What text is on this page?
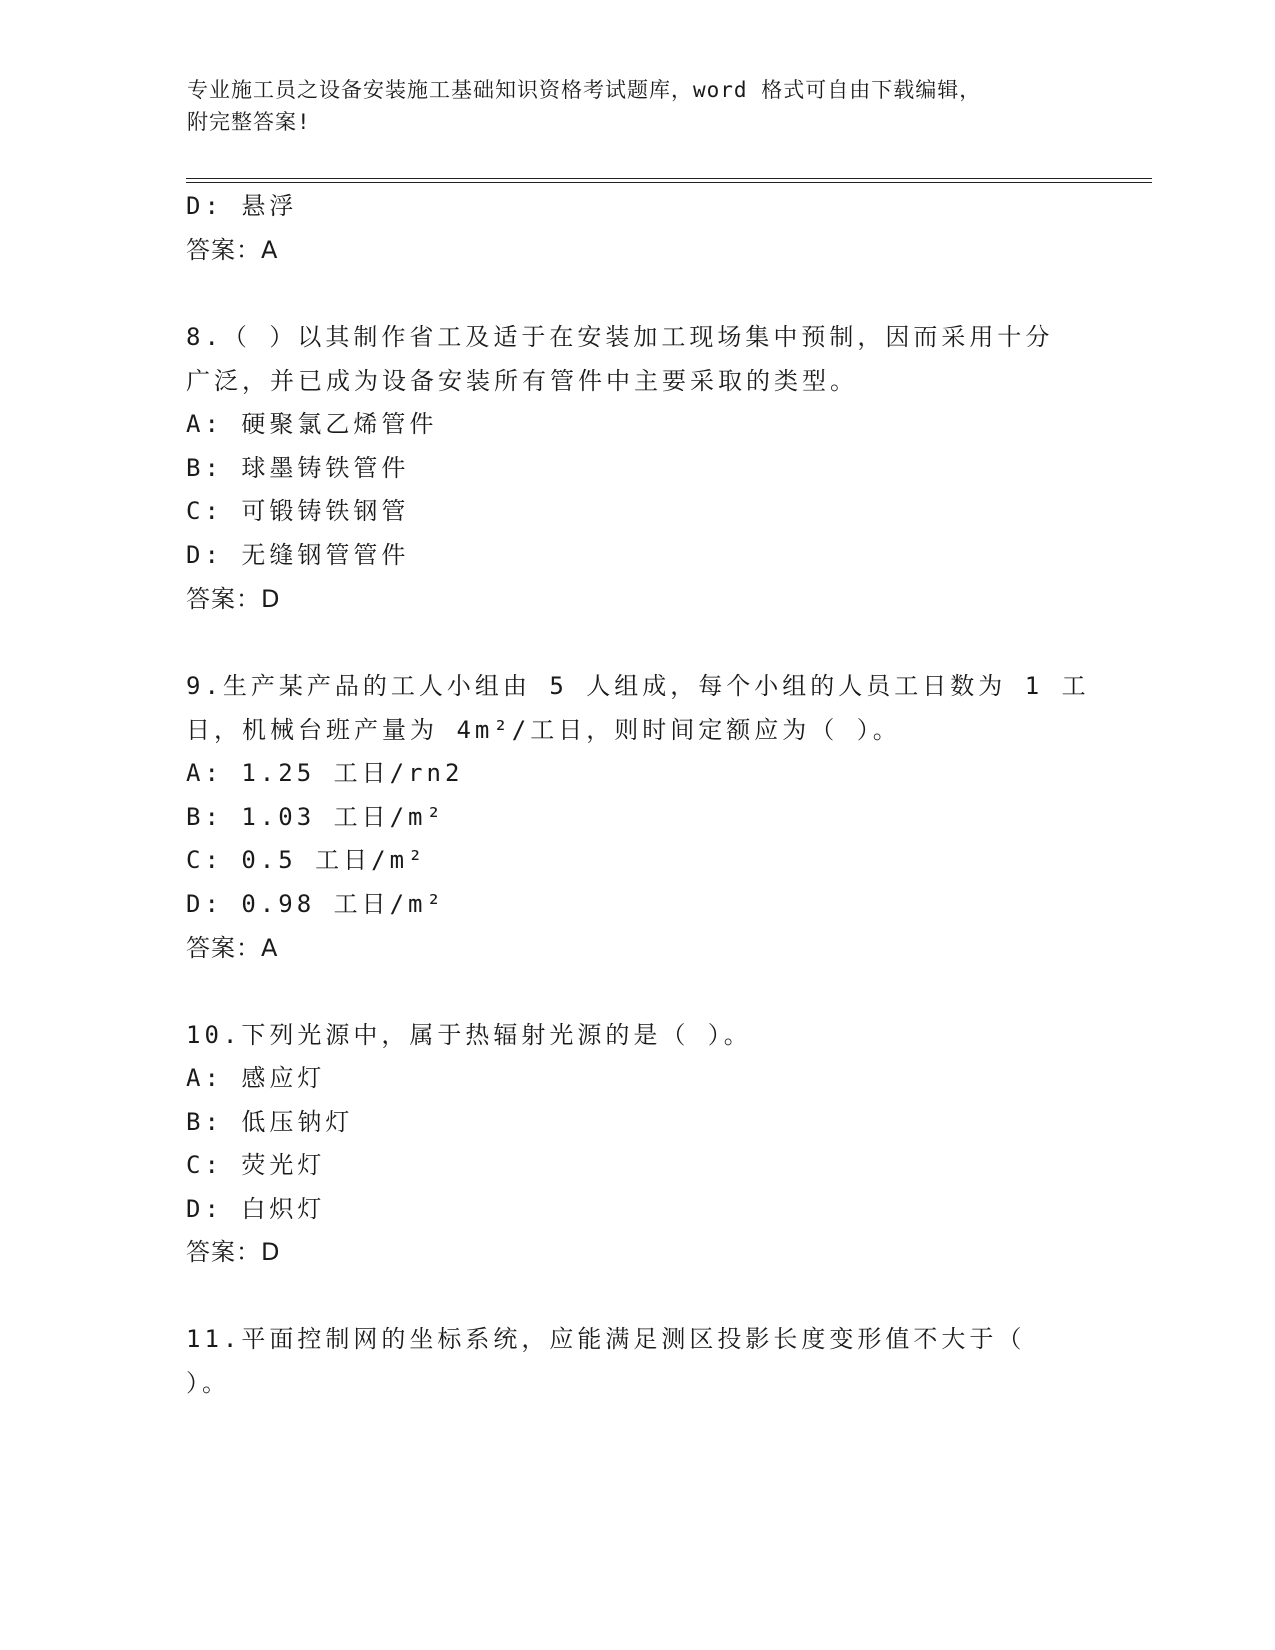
专业施工员之设备安装施工基础知识资格考试题库，word 格式可自由下载编辑，
附完整答案!
D: 悬浮
答案：A
8.（ ）以其制作省工及适于在安装加工现场集中预制，因而采用十分
广泛，并已成为设备安装所有管件中主要采取的类型。
A: 硬聚氯乙烯管件
B: 球墨铸铁管件
C: 可锻铸铁钢管
D: 无缝钢管管件
答案：D
9.生产某产品的工人小组由 5 人组成，每个小组的人员工日数为 1 工
日，机械台班产量为 4m²/工日，则时间定额应为（ ）。
A: 1.25 工日/rn2
B: 1.03 工日/m²
C: 0.5 工日/m²
D: 0.98 工日/m²
答案：A
10.下列光源中，属于热辐射光源的是（ ）。
A: 感应灯
B: 低压钠灯
C: 荧光灯
D: 白炽灯
答案：D
11.平面控制网的坐标系统，应能满足测区投影长度变形值不大于（
）。
